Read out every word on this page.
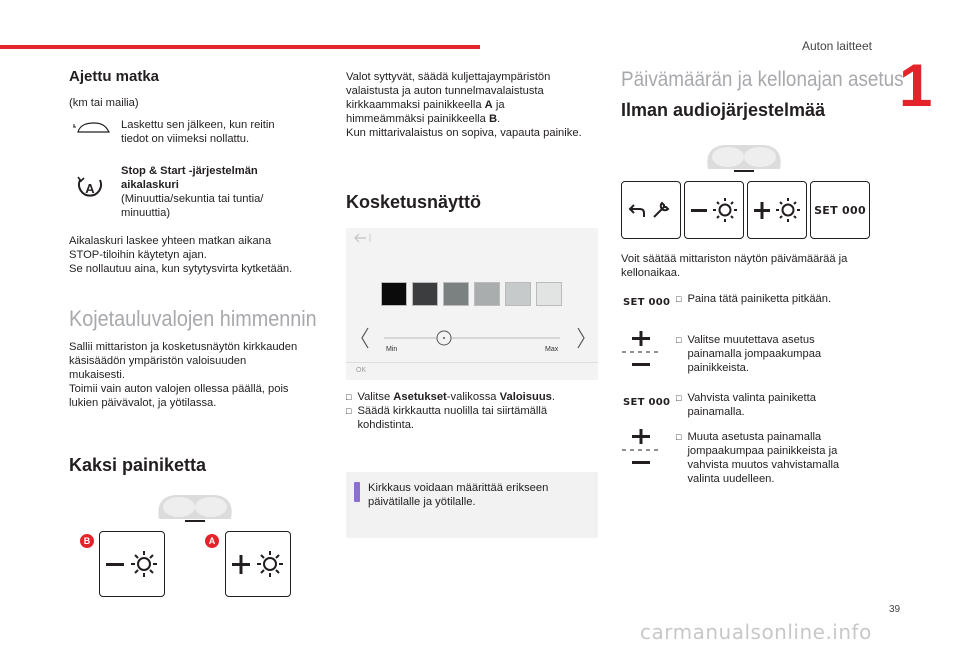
Auton laitteet
1
39
carmanualsonline.info
Ajettu matka
(km tai mailia)
Laskettu sen jälkeen, kun reitin
tiedot on viimeksi nollattu.
A
Stop & Start -järjestelmän
aikalaskuri
(Minuuttia/sekuntia tai tuntia/
minuuttia)
Aikalaskuri laskee yhteen matkan aikana
STOP-tiloihin käytetyn ajan.
Se nollautuu aina, kun sytytysvirta kytketään.
Kojetauluvalojen himmennin
Sallii mittariston ja kosketusnäytön kirkkauden
käsisäädön ympäristön valoisuuden
mukaisesti.
Toimii vain auton valojen ollessa päällä, pois
lukien päivävalot, ja yötilassa.
Kaksi painiketta
B	A
Valot syttyvät, säädä kuljettajaympäristön
valaistusta ja auton tunnelmavalaistusta
kirkkaammaksi painikkeella A ja
himmeämmäksi painikkeella B.
Kun mittarivalaistus on sopiva, vapauta painike.
Kosketusnäyttö
Min	Max
OK
□ Valitse Asetukset-valikossa Valoisuus.
□ Säädä kirkkautta nuolilla tai siirtämällä
kohdistinta.
Kirkkaus voidaan määrittää erikseen
päivätilalle ja yötilalle.
Päivämäärän ja kellonajan asetus
Ilman audiojärjestelmää
SET 000
Voit säätää mittariston näytön päivämäärää ja
kellonaikaa.
SET 000 □ Paina tätä painiketta pitkään.
□ Valitse muutettava asetus
painamalla jompaakumpaa
painikkeista.
SET 000 □ Vahvista valinta painiketta
painamalla.
□ Muuta asetusta painamalla
jompaakumpaa painikkeista ja
vahvista muutos vahvistamalla
valinta uudelleen.
